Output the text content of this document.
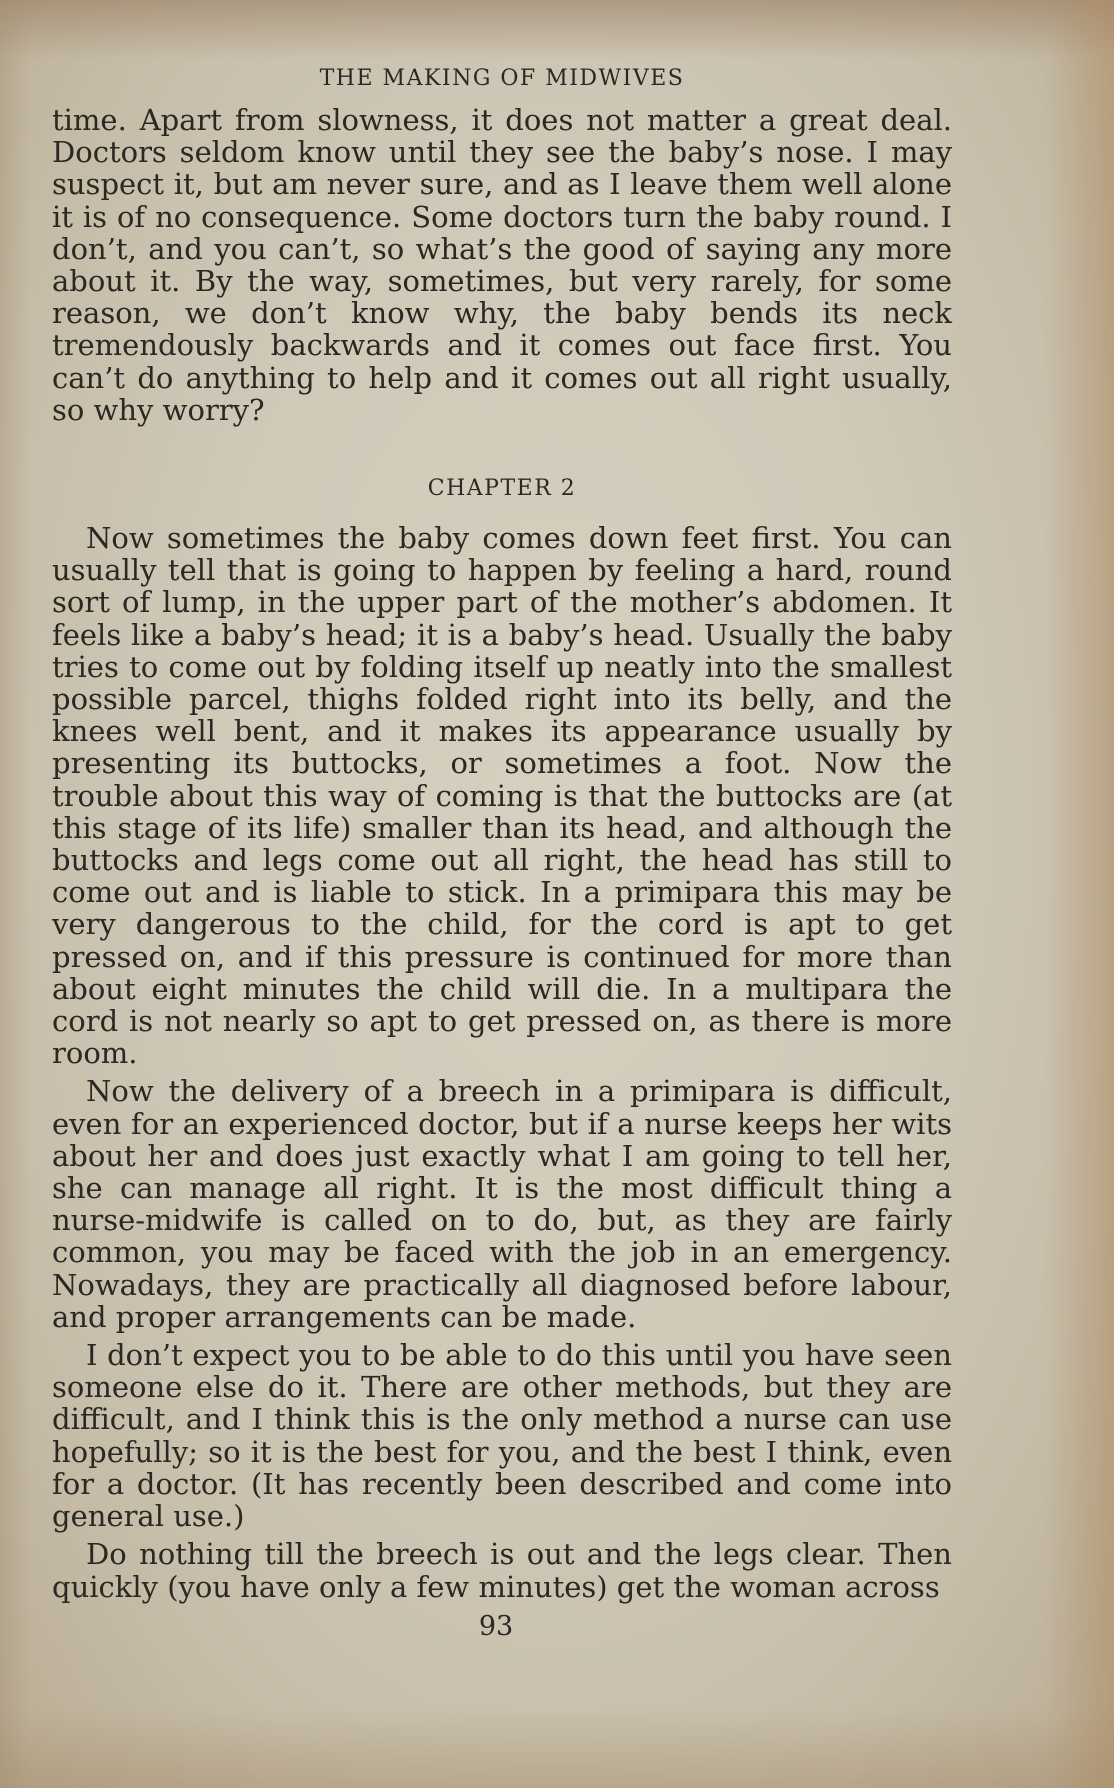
THE MAKING OF MIDWIVES

time. Apart from slowness, it does not matter a great deal. Doctors seldom know until they see the baby’s nose. I may suspect it, but am never sure, and as I leave them well alone it is of no consequence. Some doctors turn the baby round. I don’t, and you can’t, so what’s the good of saying any more about it. By the way, sometimes, but very rarely, for some reason, we don’t know why, the baby bends its neck tremendously backwards and it comes out face first. You can’t do anything to help and it comes out all right usually, so why worry?

CHAPTER 2

Now sometimes the baby comes down feet first. You can usually tell that is going to happen by feeling a hard, round sort of lump, in the upper part of the mother’s abdomen. It feels like a baby’s head; it is a baby’s head. Usually the baby tries to come out by folding itself up neatly into the smallest possible parcel, thighs folded right into its belly, and the knees well bent, and it makes its appearance usually by presenting its buttocks, or sometimes a foot. Now the trouble about this way of coming is that the buttocks are (at this stage of its life) smaller than its head, and although the buttocks and legs come out all right, the head has still to come out and is liable to stick. In a primipara this may be very dangerous to the child, for the cord is apt to get pressed on, and if this pressure is continued for more than about eight minutes the child will die. In a multipara the cord is not nearly so apt to get pressed on, as there is more room.

Now the delivery of a breech in a primipara is difficult, even for an experienced doctor, but if a nurse keeps her wits about her and does just exactly what I am going to tell her, she can manage all right. It is the most difficult thing a nurse-midwife is called on to do, but, as they are fairly common, you may be faced with the job in an emergency. Nowadays, they are practically all diagnosed before labour, and proper arrangements can be made.

I don’t expect you to be able to do this until you have seen someone else do it. There are other methods, but they are difficult, and I think this is the only method a nurse can use hopefully; so it is the best for you, and the best I think, even for a doctor. (It has recently been described and come into general use.)

Do nothing till the breech is out and the legs clear. Then quickly (you have only a few minutes) get the woman across

93
